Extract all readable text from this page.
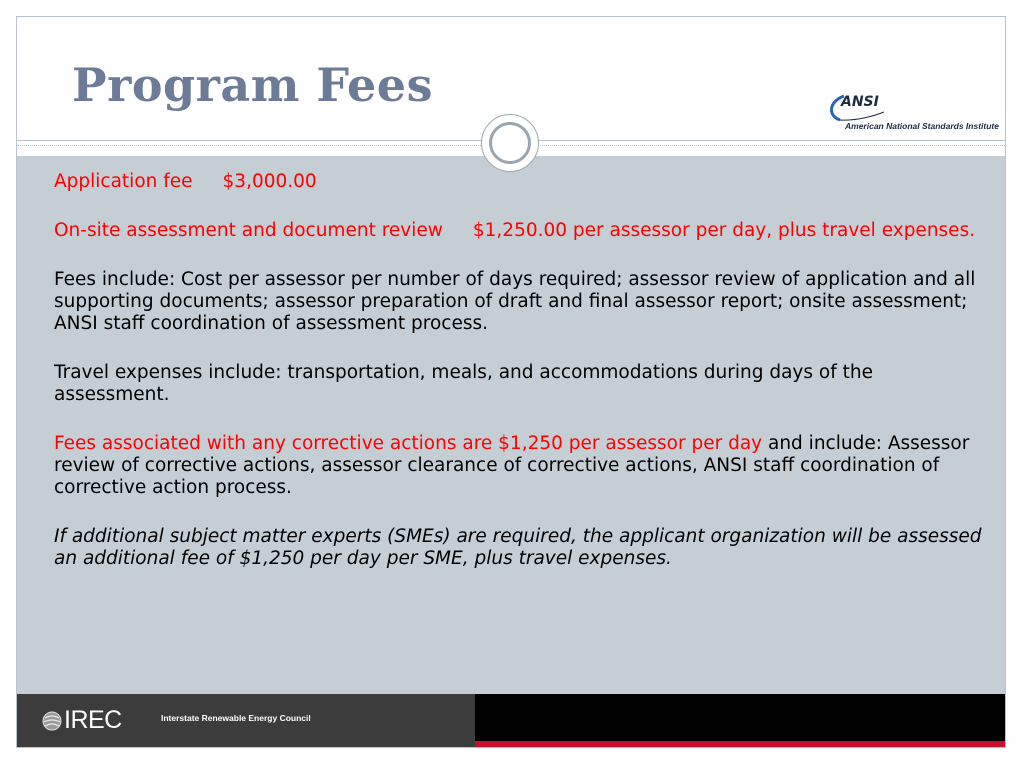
Program Fees	ANSI
American National Standards Institute

Application fee $3,000.00

On-site assessment and document review $1,250.00 per assessor per day, plus travel expenses.

Fees include: Cost per assessor per number of days required; assessor review of application and all supporting documents; assessor preparation of draft and final assessor report; onsite assessment; ANSI staff coordination of assessment process.

Travel expenses include: transportation, meals, and accommodations during days of the assessment.

Fees associated with any corrective actions are $1,250 per assessor per day and include: Assessor review of corrective actions, assessor clearance of corrective actions, ANSI staff coordination of corrective action process.

If additional subject matter experts (SMEs) are required, the applicant organization will be assessed an additional fee of $1,250 per day per SME, plus travel expenses.

IREC	Interstate Renewable Energy Council
